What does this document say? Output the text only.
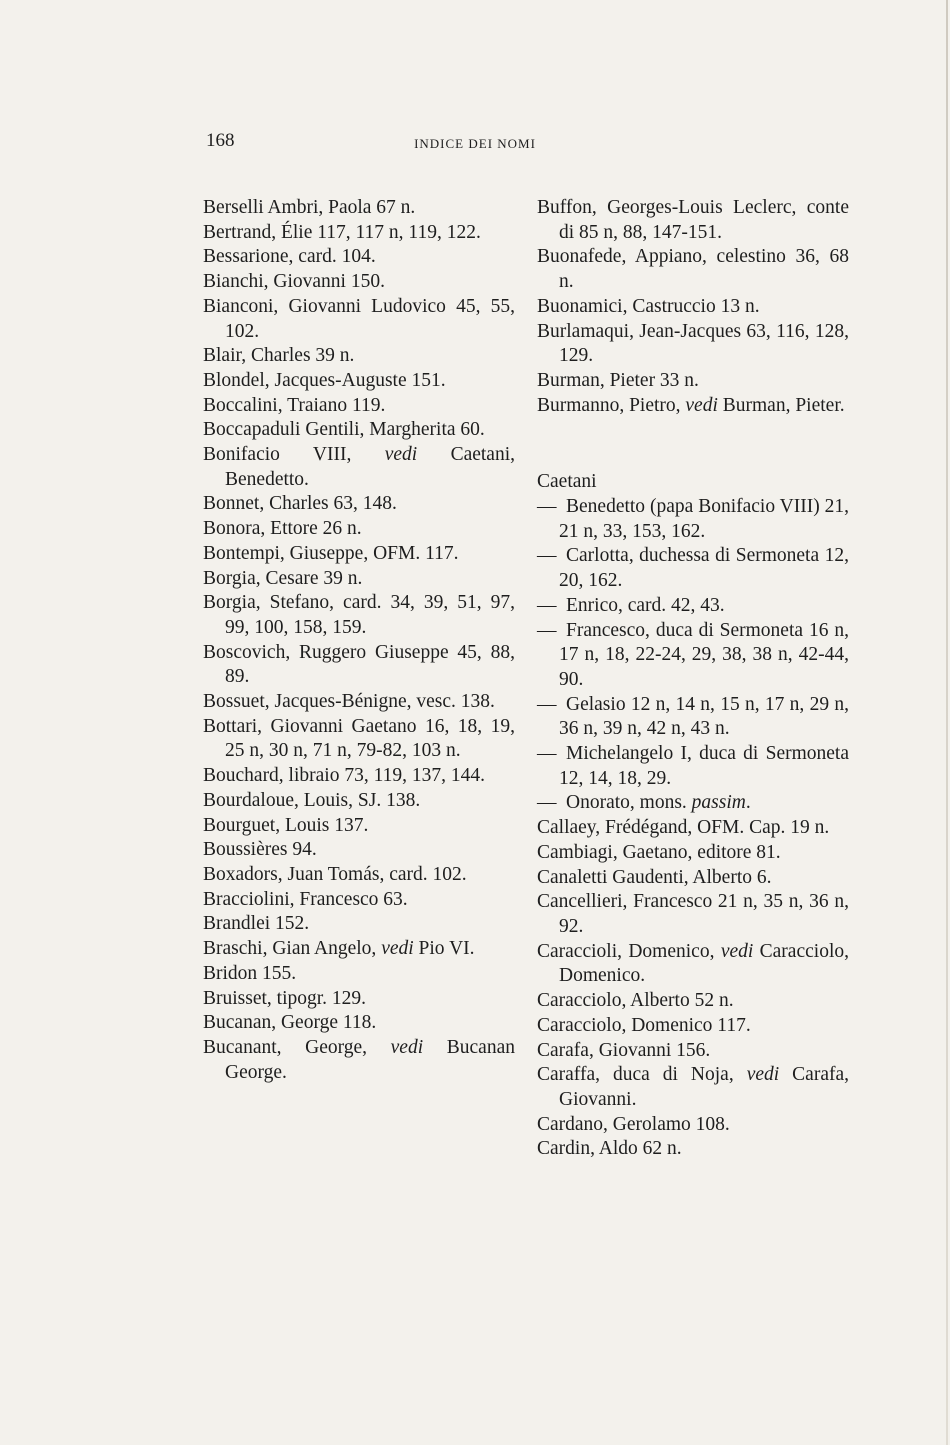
168	INDICE DEI NOMI
Berselli Ambri, Paola 67 n.
Bertrand, Élie 117, 117 n, 119, 122.
Bessarione, card. 104.
Bianchi, Giovanni 150.
Bianconi, Giovanni Ludovico 45, 55, 102.
Blair, Charles 39 n.
Blondel, Jacques-Auguste 151.
Boccalini, Traiano 119.
Boccapaduli Gentili, Margherita 60.
Bonifacio VIII, vedi Caetani, Benedetto.
Bonnet, Charles 63, 148.
Bonora, Ettore 26 n.
Bontempi, Giuseppe, OFM. 117.
Borgia, Cesare 39 n.
Borgia, Stefano, card. 34, 39, 51, 97, 99, 100, 158, 159.
Boscovich, Ruggero Giuseppe 45, 88, 89.
Bossuet, Jacques-Bénigne, vesc. 138.
Bottari, Giovanni Gaetano 16, 18, 19, 25 n, 30 n, 71 n, 79-82, 103 n.
Bouchard, libraio 73, 119, 137, 144.
Bourdaloue, Louis, SJ. 138.
Bourguet, Louis 137.
Boussières 94.
Boxadors, Juan Tomás, card. 102.
Bracciolini, Francesco 63.
Brandlei 152.
Braschi, Gian Angelo, vedi Pio VI.
Bridon 155.
Bruisset, tipogr. 129.
Bucanan, George 118.
Bucanant, George, vedi Bucanan George.
Buffon, Georges-Louis Leclerc, conte di 85 n, 88, 147-151.
Buonafede, Appiano, celestino 36, 68 n.
Buonamici, Castruccio 13 n.
Burlamaqui, Jean-Jacques 63, 116, 128, 129.
Burman, Pieter 33 n.
Burmanno, Pietro, vedi Burman, Pieter.
Caetani
— Benedetto (papa Bonifacio VIII) 21, 21 n, 33, 153, 162.
— Carlotta, duchessa di Sermoneta 12, 20, 162.
— Enrico, card. 42, 43.
— Francesco, duca di Sermoneta 16 n, 17 n, 18, 22-24, 29, 38, 38 n, 42-44, 90.
— Gelasio 12 n, 14 n, 15 n, 17 n, 29 n, 36 n, 39 n, 42 n, 43 n.
— Michelangelo I, duca di Sermoneta 12, 14, 18, 29.
— Onorato, mons. passim.
Callaey, Frédégand, OFM. Cap. 19 n.
Cambiagi, Gaetano, editore 81.
Canaletti Gaudenti, Alberto 6.
Cancellieri, Francesco 21 n, 35 n, 36 n, 92.
Caraccioli, Domenico, vedi Caracciolo, Domenico.
Caracciolo, Alberto 52 n.
Caracciolo, Domenico 117.
Carafa, Giovanni 156.
Caraffa, duca di Noja, vedi Carafa, Giovanni.
Cardano, Gerolamo 108.
Cardin, Aldo 62 n.
